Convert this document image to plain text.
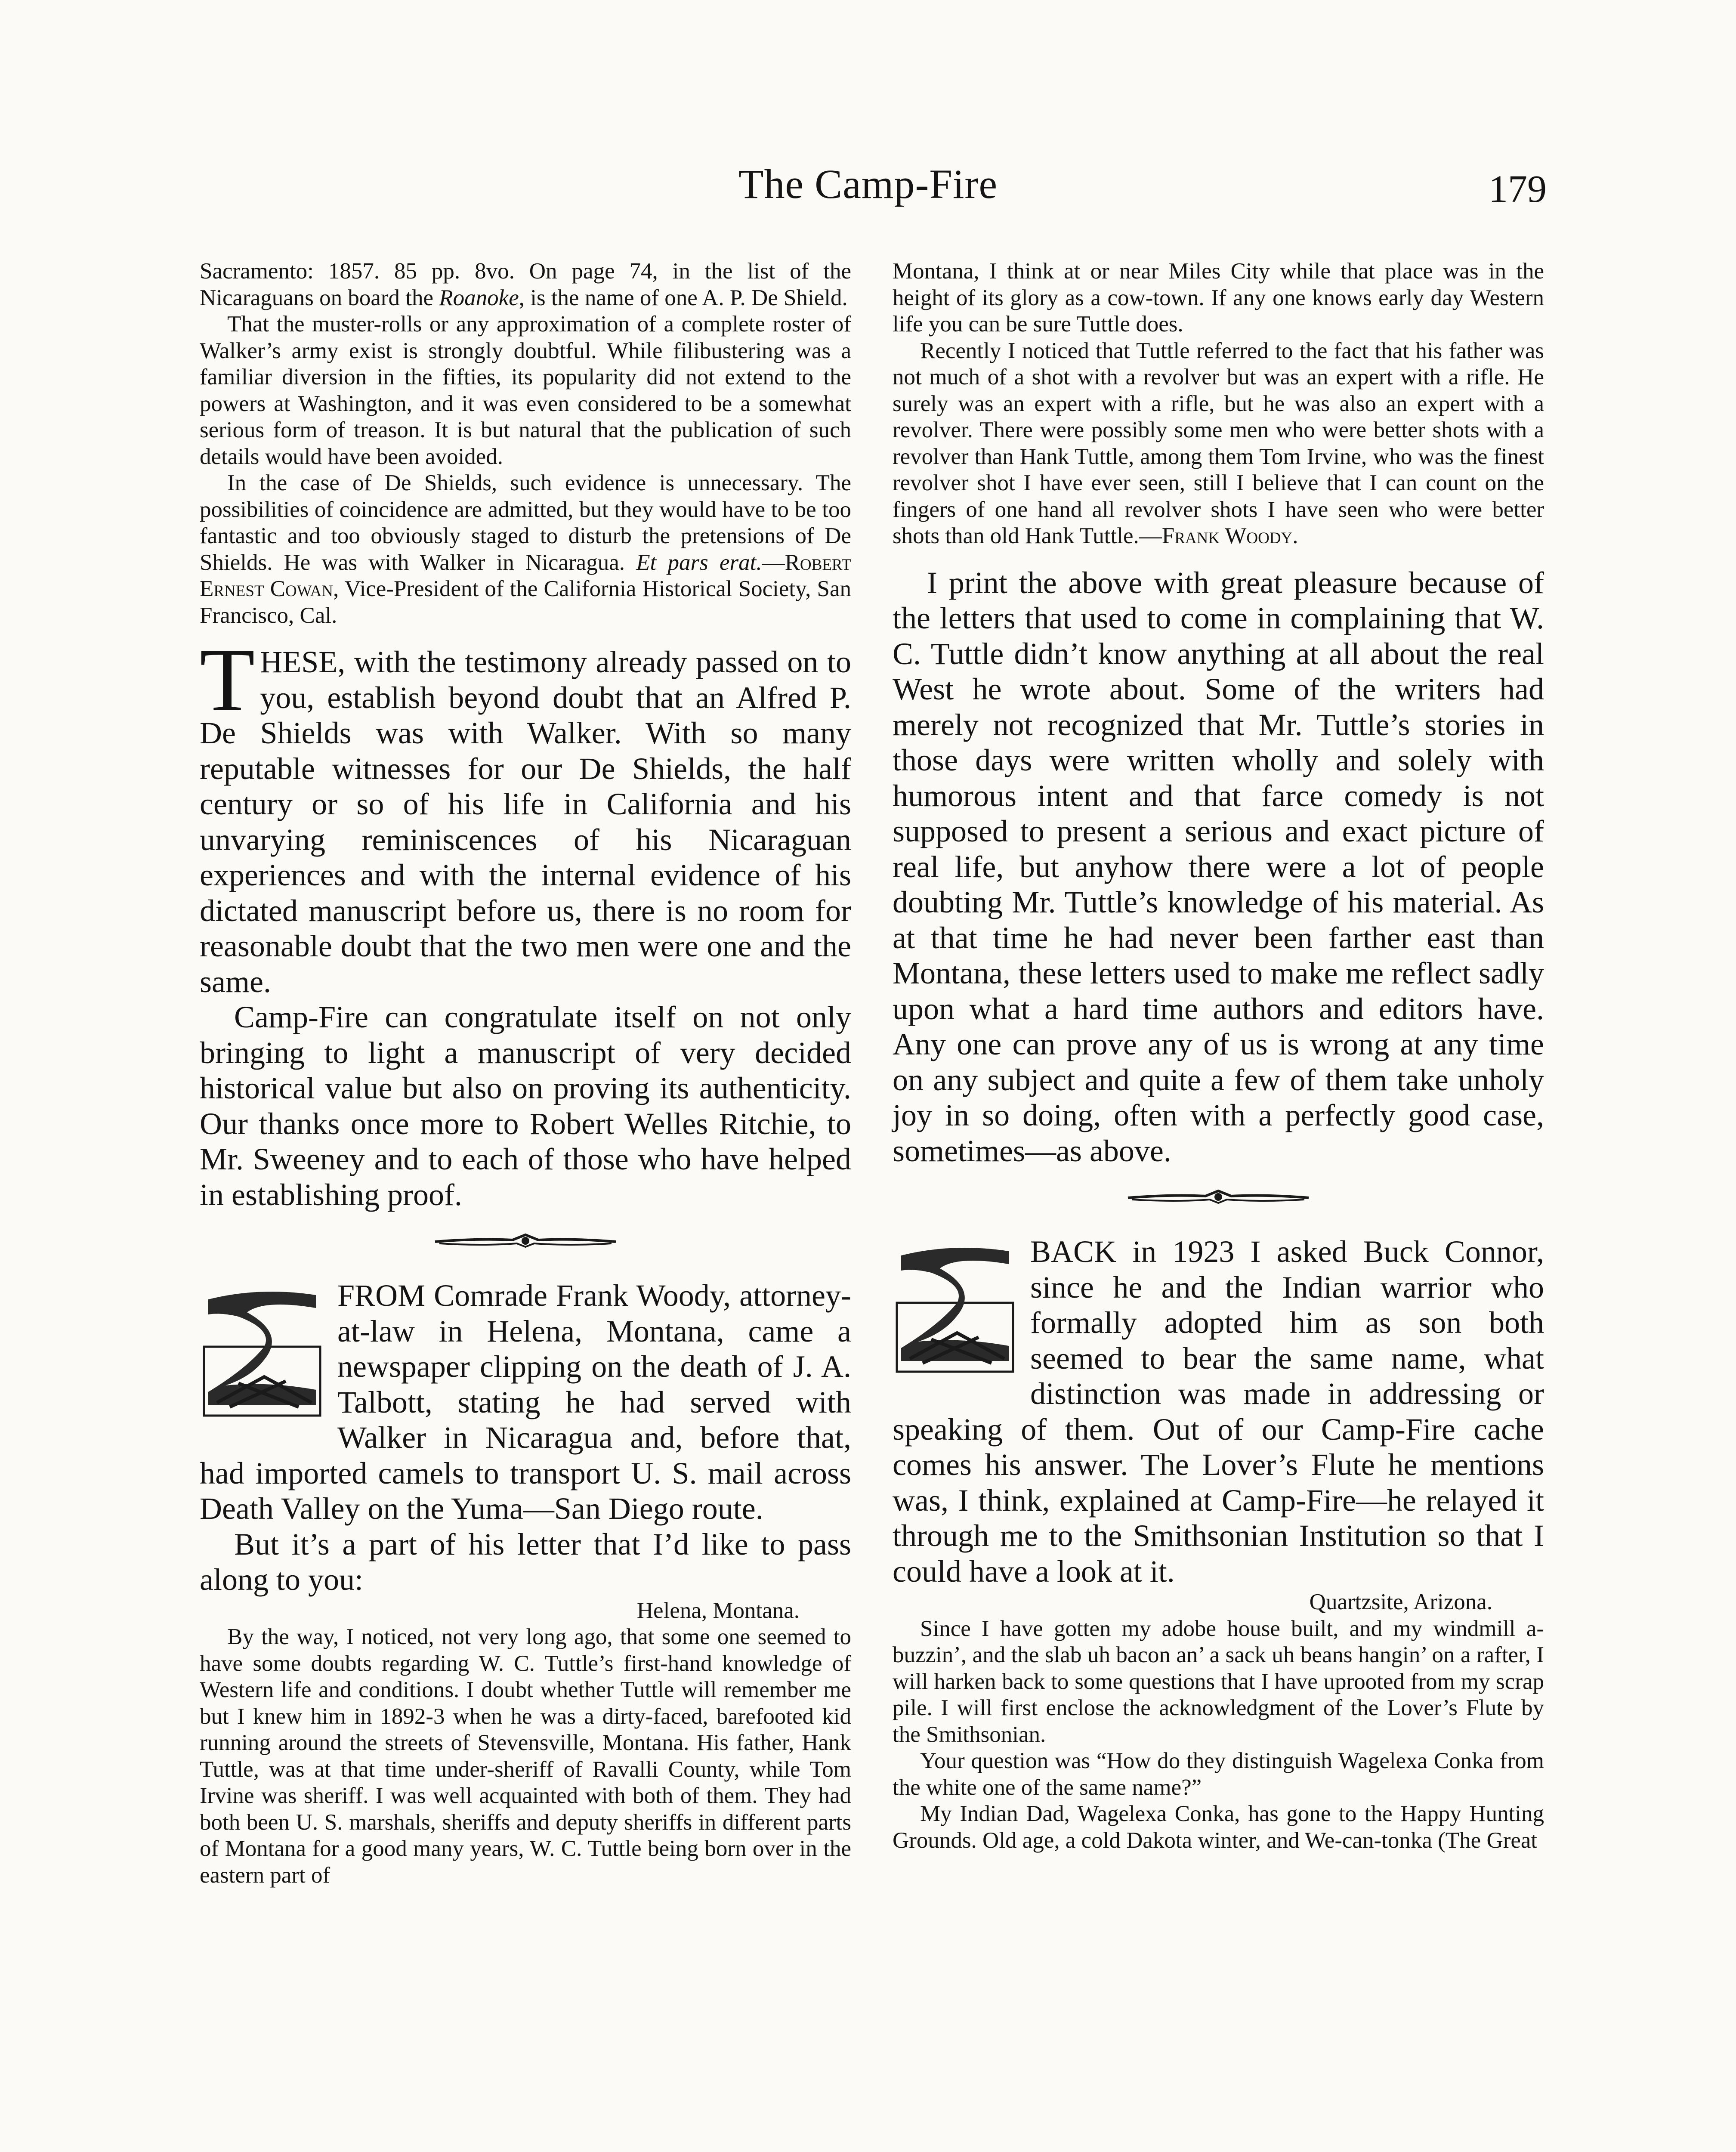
The Camp-Fire	179

Sacramento: 1857. 85 pp. 8vo. On page 74, in the list of the Nicaraguans on board the Roanoke, is the name of one A. P. De Shield.

That the muster-rolls or any approximation of a complete roster of Walker’s army exist is strongly doubtful. While filibustering was a familiar diversion in the fifties, its popularity did not extend to the powers at Washington, and it was even considered to be a somewhat serious form of treason. It is but natural that the publication of such details would have been avoided.

In the case of De Shields, such evidence is unnecessary. The possibilities of coincidence are admitted, but they would have to be too fantastic and too obviously staged to disturb the pretensions of De Shields. He was with Walker in Nicaragua. Et pars erat.—Robert Ernest Cowan, Vice-President of the California Historical Society, San Francisco, Cal.

THESE, with the testimony already passed on to you, establish beyond doubt that an Alfred P. De Shields was with Walker. With so many reputable witnesses for our De Shields, the half century or so of his life in California and his unvarying reminiscences of his Nicaraguan experiences and with the internal evidence of his dictated manuscript before us, there is no room for reasonable doubt that the two men were one and the same.

Camp-Fire can congratulate itself on not only bringing to light a manuscript of very decided historical value but also on proving its authenticity. Our thanks once more to Robert Welles Ritchie, to Mr. Sweeney and to each of those who have helped in establishing proof.

FROM Comrade Frank Woody, attorney-at-law in Helena, Montana, came a newspaper clipping on the death of J. A. Talbott, stating he had served with Walker in Nicaragua and, before that, had imported camels to transport U. S. mail across Death Valley on the Yuma—San Diego route.

But it’s a part of his letter that I’d like to pass along to you:

Helena, Montana.

By the way, I noticed, not very long ago, that some one seemed to have some doubts regarding W. C. Tuttle’s first-hand knowledge of Western life and conditions. I doubt whether Tuttle will remember me but I knew him in 1892-3 when he was a dirty-faced, barefooted kid running around the streets of Stevensville, Montana. His father, Hank Tuttle, was at that time under-sheriff of Ravalli County, while Tom Irvine was sheriff. I was well acquainted with both of them. They had both been U. S. marshals, sheriffs and deputy sheriffs in different parts of Montana for a good many years, W. C. Tuttle being born over in the eastern part of

Montana, I think at or near Miles City while that place was in the height of its glory as a cow-town. If any one knows early day Western life you can be sure Tuttle does.

Recently I noticed that Tuttle referred to the fact that his father was not much of a shot with a revolver but was an expert with a rifle. He surely was an expert with a rifle, but he was also an expert with a revolver. There were possibly some men who were better shots with a revolver than Hank Tuttle, among them Tom Irvine, who was the finest revolver shot I have ever seen, still I believe that I can count on the fingers of one hand all revolver shots I have seen who were better shots than old Hank Tuttle.—Frank Woody.

I print the above with great pleasure because of the letters that used to come in complaining that W. C. Tuttle didn’t know anything at all about the real West he wrote about. Some of the writers had merely not recognized that Mr. Tuttle’s stories in those days were written wholly and solely with humorous intent and that farce comedy is not supposed to present a serious and exact picture of real life, but anyhow there were a lot of people doubting Mr. Tuttle’s knowledge of his material. As at that time he had never been farther east than Montana, these letters used to make me reflect sadly upon what a hard time authors and editors have. Any one can prove any of us is wrong at any time on any subject and quite a few of them take unholy joy in so doing, often with a perfectly good case, sometimes—as above.

BACK in 1923 I asked Buck Connor, since he and the Indian warrior who formally adopted him as son both seemed to bear the same name, what distinction was made in addressing or speaking of them. Out of our Camp-Fire cache comes his answer. The Lover’s Flute he mentions was, I think, explained at Camp-Fire—he relayed it through me to the Smithsonian Institution so that I could have a look at it.

Quartzsite, Arizona.

Since I have gotten my adobe house built, and my windmill a-buzzin’, and the slab uh bacon an’ a sack uh beans hangin’ on a rafter, I will harken back to some questions that I have uprooted from my scrap pile. I will first enclose the acknowledgment of the Lover’s Flute by the Smithsonian.

Your question was “How do they distinguish Wagelexa Conka from the white one of the same name?”

My Indian Dad, Wagelexa Conka, has gone to the Happy Hunting Grounds. Old age, a cold Dakota winter, and We-can-tonka (The Great
